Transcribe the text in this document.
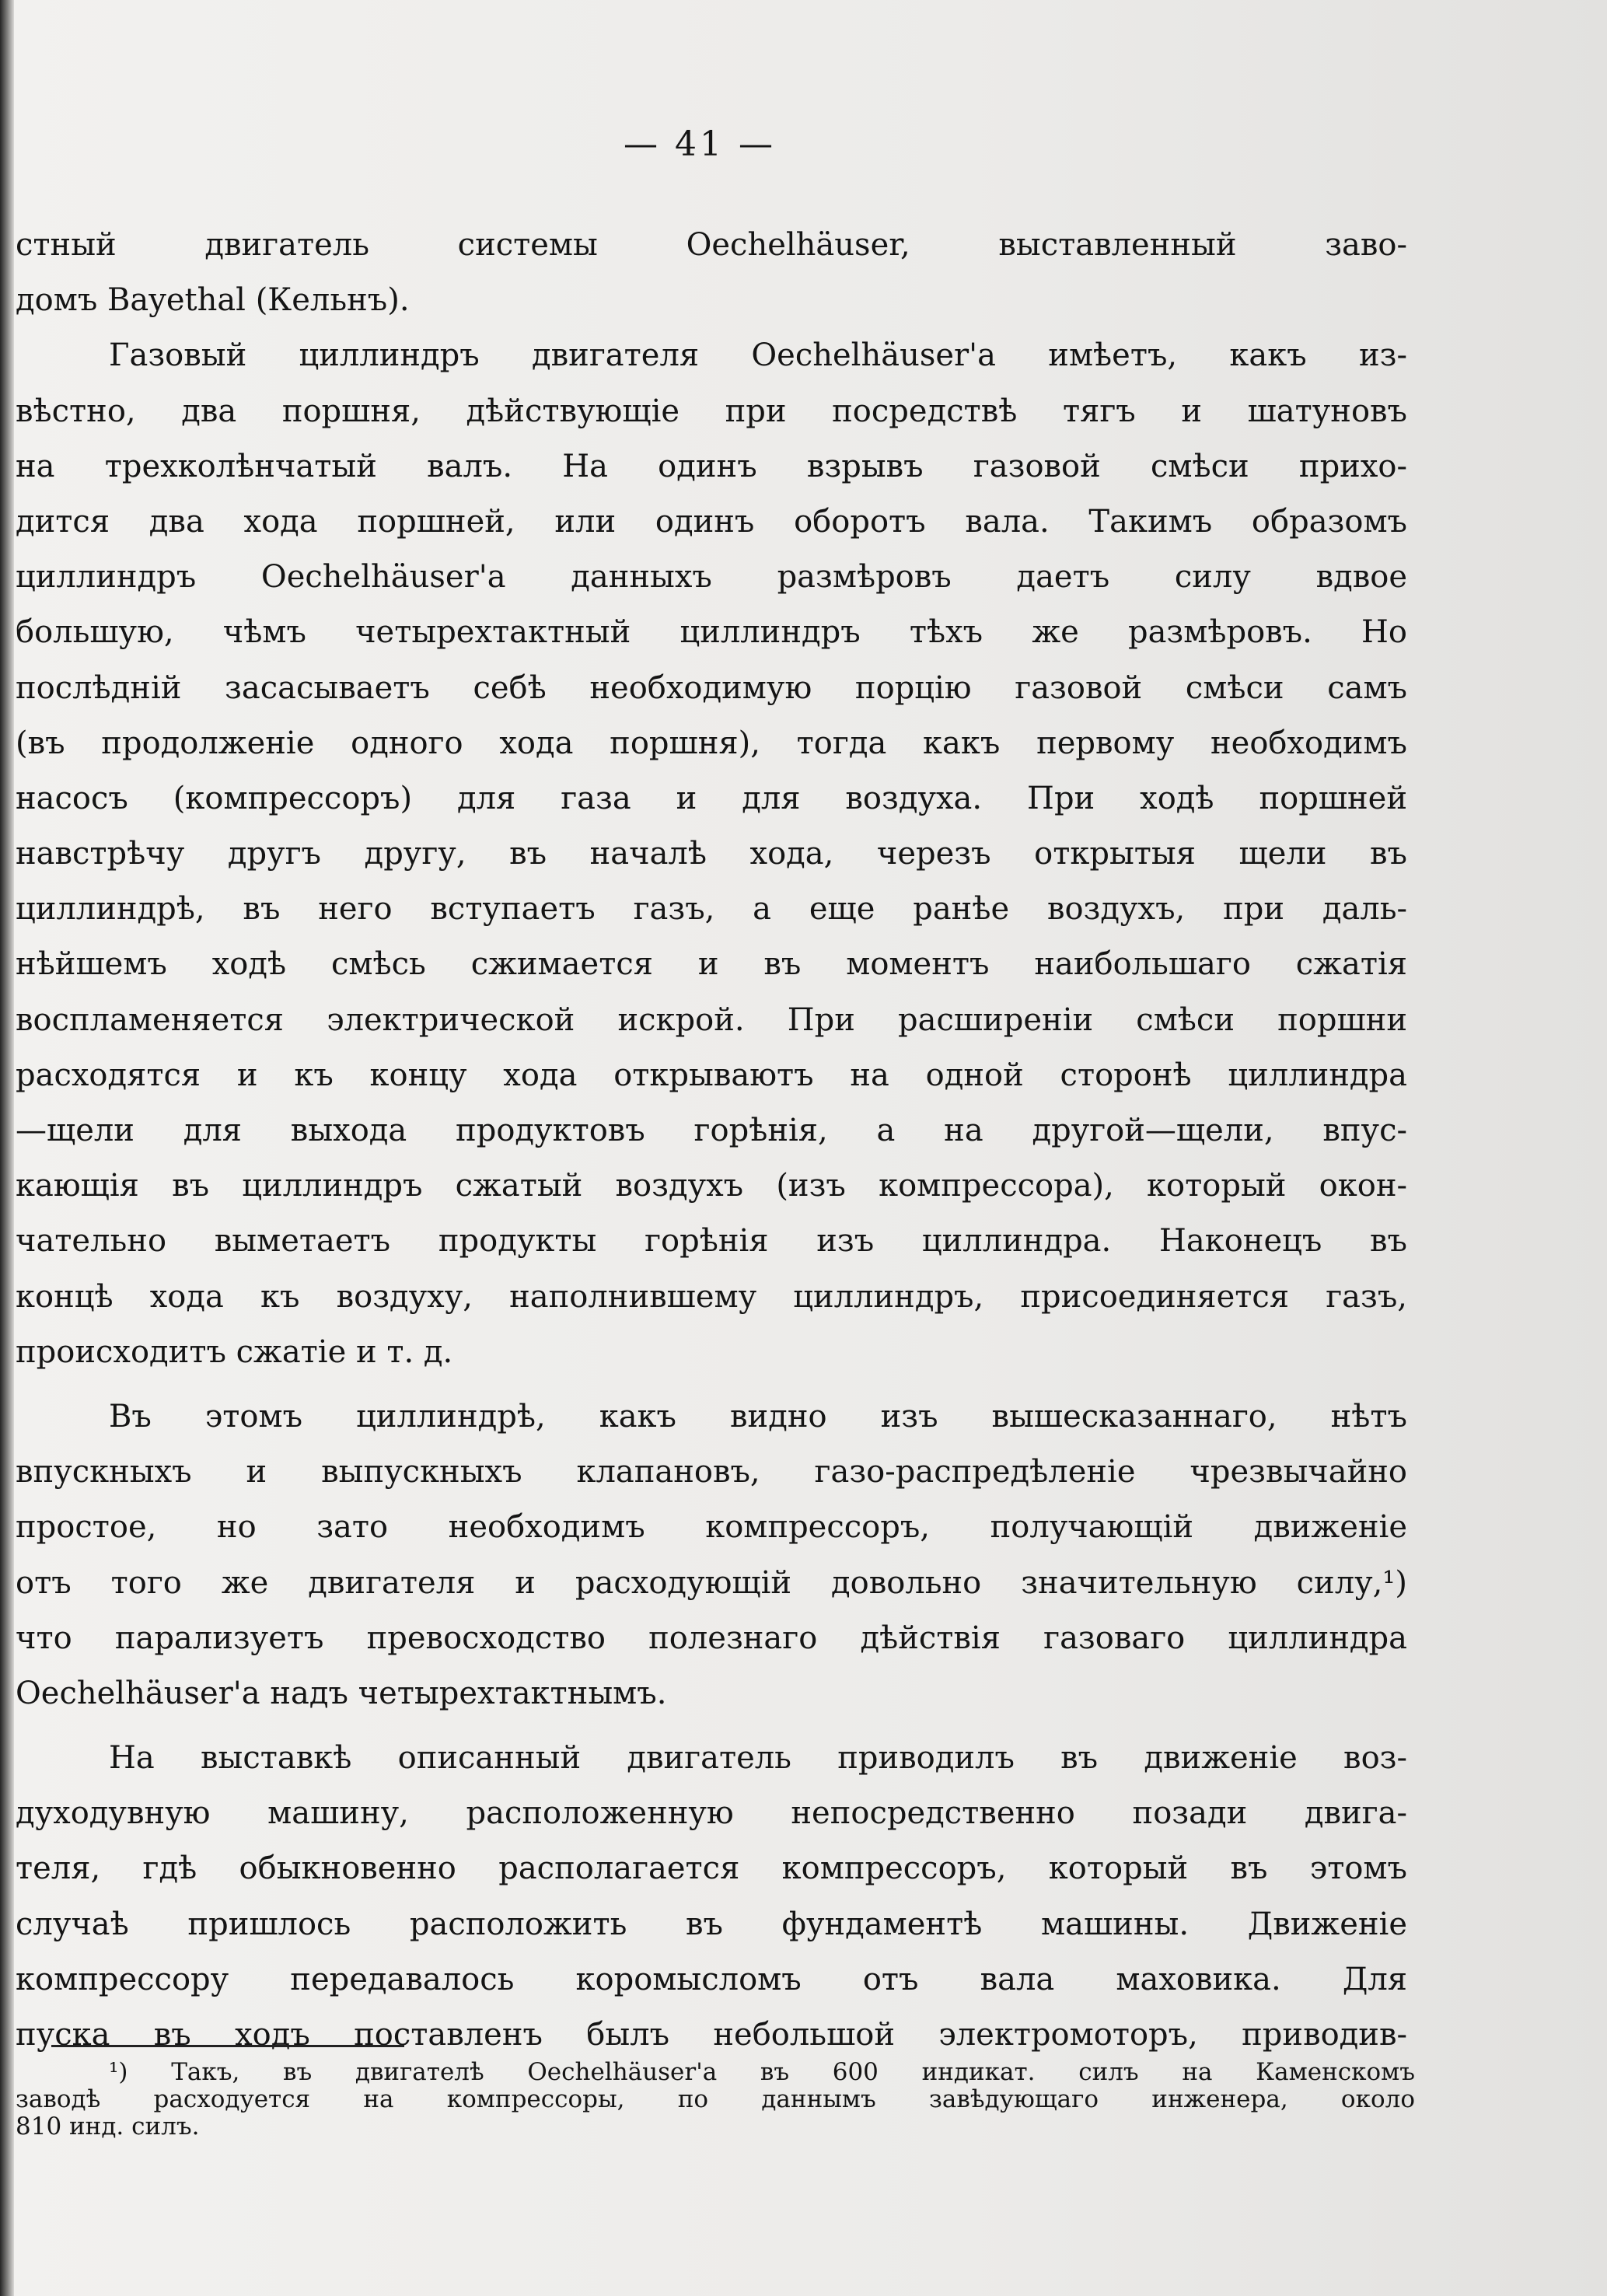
— 41 —
стный двигатель системы Oechelhäuser, выставленный заво-
домъ Bayethal (Кельнъ).
Газовый циллиндръ двигателя Oechelhäuser'а имѣетъ, какъ из-
вѣстно, два поршня, дѣйствующіе при посредствѣ тягъ и шатуновъ
на трехколѣнчатый валъ. На одинъ взрывъ газовой смѣси прихо-
дится два хода поршней, или одинъ оборотъ вала. Такимъ образомъ
циллиндръ Oechelhäuser'а данныхъ размѣровъ даетъ силу вдвое
большую, чѣмъ четырехтактный циллиндръ тѣхъ же размѣровъ. Но
послѣдній засасываетъ себѣ необходимую порцію газовой смѣси самъ
(въ продолженіе одного хода поршня), тогда какъ первому необходимъ
насосъ (компрессоръ) для газа и для воздуха. При ходѣ поршней
навстрѣчу другъ другу, въ началѣ хода, черезъ открытыя щели въ
циллиндрѣ, въ него вступаетъ газъ, а еще ранѣе воздухъ, при даль-
нѣйшемъ ходѣ смѣсь сжимается и въ моментъ наибольшаго сжатія
воспламеняется электрической искрой. При расширеніи смѣси поршни
расходятся и къ концу хода открываютъ на одной сторонѣ циллиндра
—щели для выхода продуктовъ горѣнія, а на другой—щели, впус-
кающія въ циллиндръ сжатый воздухъ (изъ компрессора), который окон-
чательно выметаетъ продукты горѣнія изъ циллиндра. Наконецъ въ
концѣ хода къ воздуху, наполнившему циллиндръ, присоединяется газъ,
происходитъ сжатіе и т. д.
Въ этомъ циллиндрѣ, какъ видно изъ вышесказаннаго, нѣтъ
впускныхъ и выпускныхъ клапановъ, газо-распредѣленіе чрезвычайно
простое, но зато необходимъ компрессоръ, получающій движеніе
отъ того же двигателя и расходующій довольно значительную силу,¹)
что парализуетъ превосходство полезнаго дѣйствія газоваго циллиндра
Oechelhäuser'а надъ четырехтактнымъ.
На выставкѣ описанный двигатель приводилъ въ движеніе воз-
духодувную машину, расположенную непосредственно позади двига-
теля, гдѣ обыкновенно располагается компрессоръ, который въ этомъ
случаѣ пришлось расположить въ фундаментѣ машины. Движеніе
компрессору передавалось коромысломъ отъ вала маховика. Для
пуска въ ходъ поставленъ былъ небольшой электромоторъ, приводив-
¹) Такъ, въ двигателѣ Oechelhäuser'а въ 600 индикат. силъ на Каменскомъ
заводѣ расходуется на компрессоры, по даннымъ завѣдующаго инженера, около
810 инд. силъ.
